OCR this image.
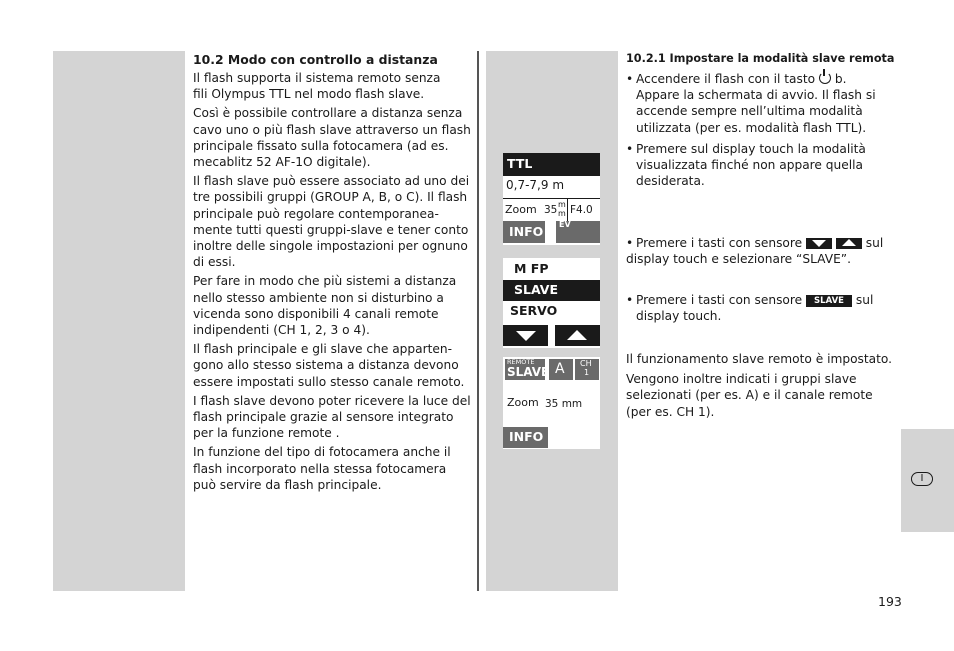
I
10.2 Modo con controllo a distanza

Il flash supporta il sistema remoto senza
fili Olympus TTL nel modo flash slave.

Così è possibile controllare a distanza senza
cavo uno o più flash slave attraverso un flash
principale fissato sulla fotocamera (ad es.
mecablitz 52 AF-1O digitale).

Il flash slave può essere associato ad uno dei
tre possibili gruppi (GROUP A, B, o C). Il flash
principale può regolare contemporanea-
mente tutti questi gruppi-slave e tener conto
inoltre delle singole impostazioni per ognuno
di essi.

Per fare in modo che più sistemi a distanza
nello stesso ambiente non si disturbino a
vicenda sono disponibili 4 canali remote
indipendenti (CH 1, 2, 3 o 4).

Il flash principale e gli slave che apparten-
gono allo stesso sistema a distanza devono
essere impostati sullo stesso canale remoto.

I flash slave devono poter ricevere la luce del
flash principale grazie al sensore integrato
per la funzione remote .

In funzione del tipo di fotocamera anche il
flash incorporato nella stessa fotocamera
può servire da flash principale.

TTL
0,7-7,9 m
Zoom 35 m
m F4.0
INFO EV
M FP
SLAVE
SERVO
REMOTE
SLAVE A CH
1
Zoom 35 mm
INFO
10.2.1 Impostare la modalità slave remota
• Accendere il flash con il tasto b.
Appare la schermata di avvio. Il flash si
accende sempre nell’ultima modalità
utilizzata (per es. modalità flash TTL).
• Premere sul display touch la modalità
visualizzata finché non appare quella
desiderata.
• Premere i tasti con sensore
	sul
display touch e selezionare “SLAVE”.
• Premere i tasti con sensore SLAVE sul
display touch.

Il funzionamento slave remoto è impostato.

Vengono inoltre indicati i gruppi slave
selezionati (per es. A) e il canale remote
(per es. CH 1).

193
